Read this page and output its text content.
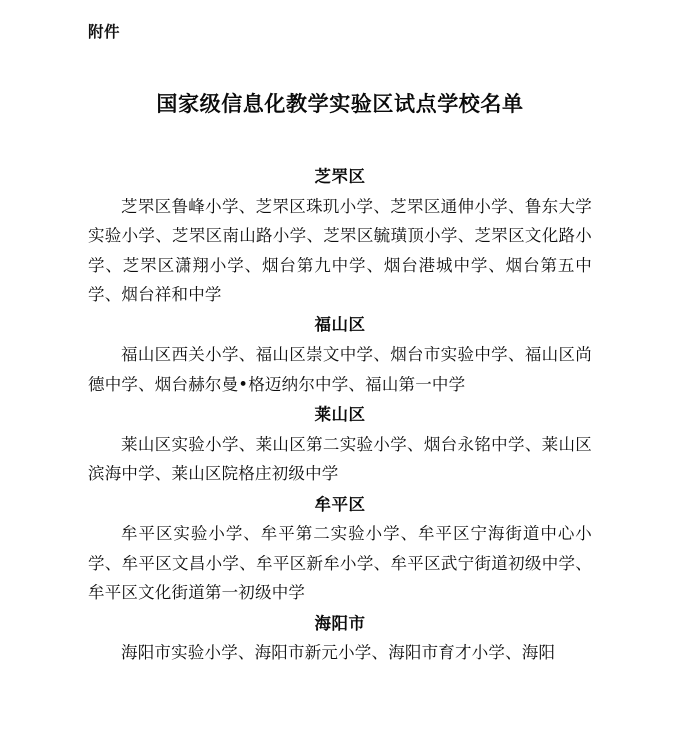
附件
国家级信息化教学实验区试点学校名单
芝罘区

芝罘区鲁峰小学、芝罘区珠玑小学、芝罘区通伸小学、鲁东大学实验小学、芝罘区南山路小学、芝罘区毓璜顶小学、芝罘区文化路小学、芝罘区潇翔小学、烟台第九中学、烟台港城中学、烟台第五中学、烟台祥和中学

福山区

福山区西关小学、福山区崇文中学、烟台市实验中学、福山区尚德中学、烟台赫尔曼•格迈纳尔中学、福山第一中学

莱山区

莱山区实验小学、莱山区第二实验小学、烟台永铭中学、莱山区滨海中学、莱山区院格庄初级中学

牟平区

牟平区实验小学、牟平第二实验小学、牟平区宁海街道中心小学、牟平区文昌小学、牟平区新牟小学、牟平区武宁街道初级中学、牟平区文化街道第一初级中学

海阳市

海阳市实验小学、海阳市新元小学、海阳市育才小学、海阳
